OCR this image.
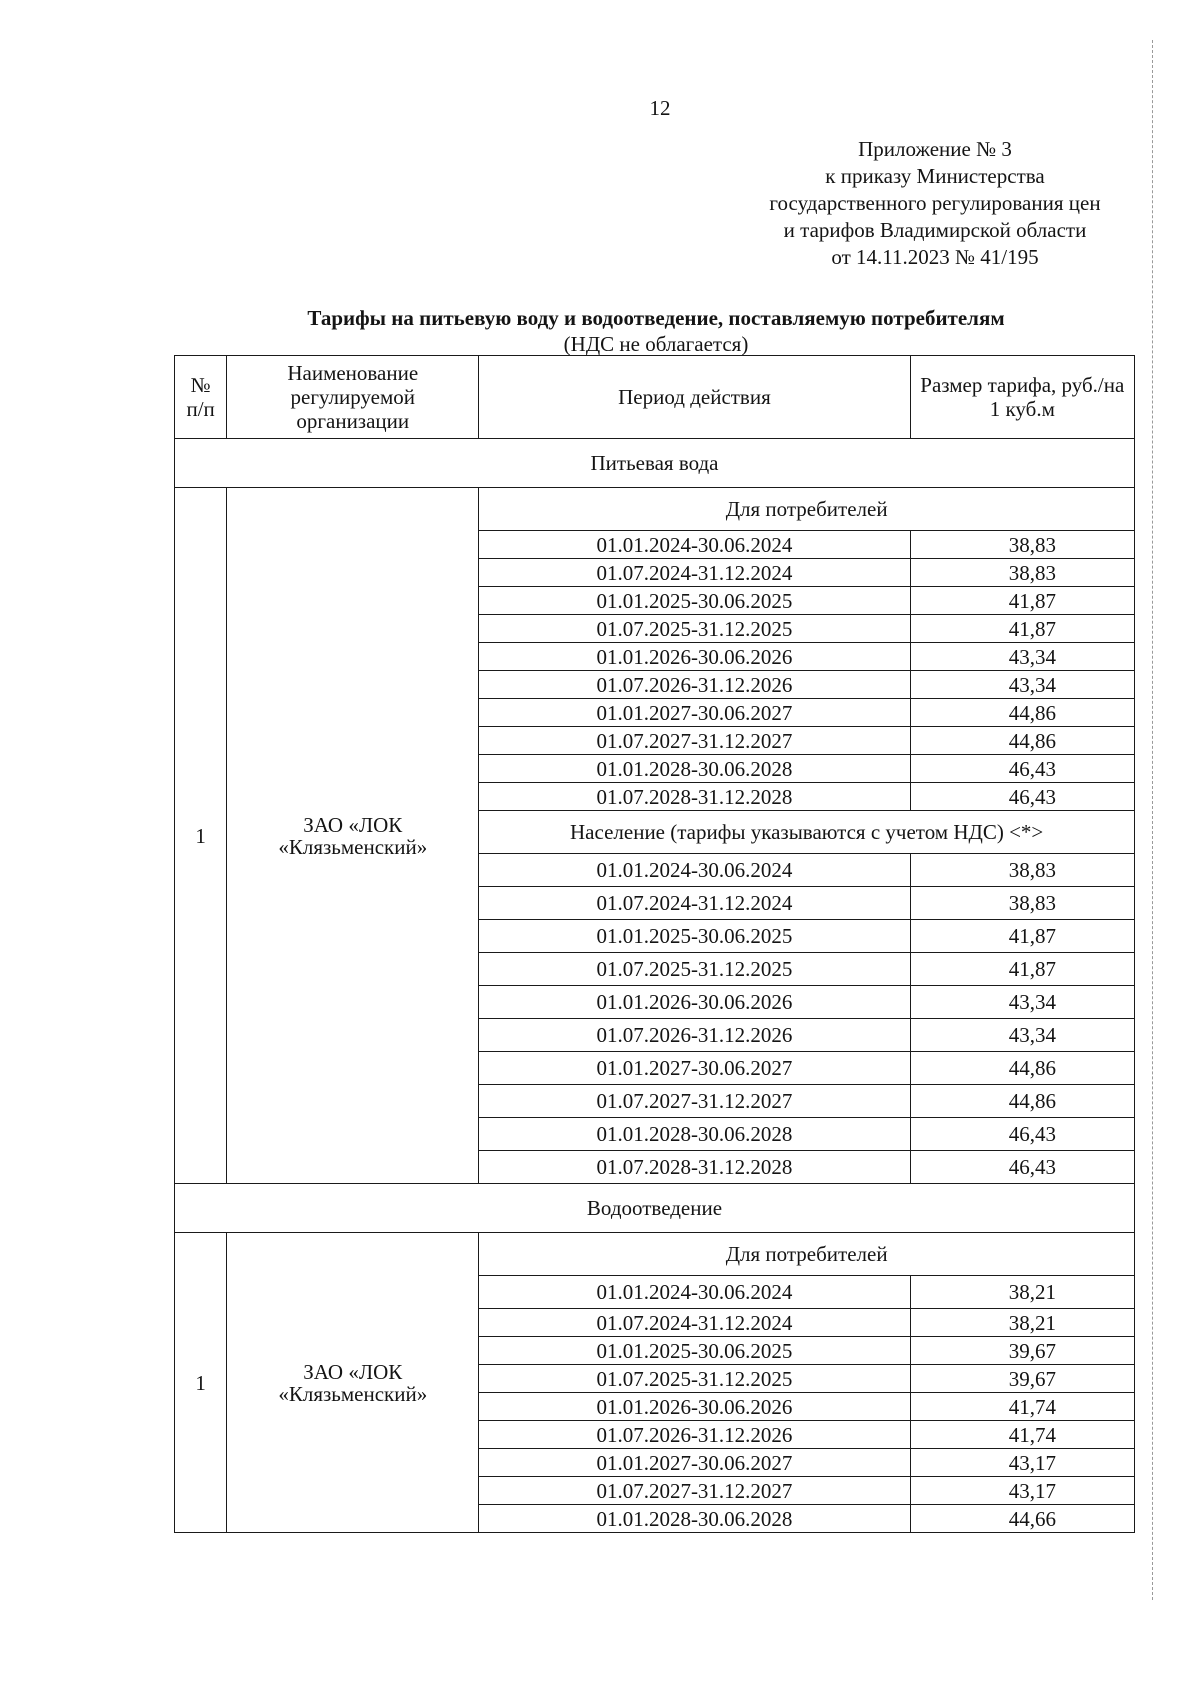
12
Приложение № 3
к приказу Министерства
государственного регулирования цен
и тарифов Владимирской области
от 14.11.2023 № 41/195
Тарифы на питьевую воду и водоотведение, поставляемую потребителям
(НДС не облагается)
№ п/п	Наименование регулируемой организации	Период действия	Размер тарифа, руб./на 1 куб.м
Питьевая вода			
1	ЗАО «ЛОК «Клязьменский»	Для потребителей	
		01.01.2024-30.06.2024	38,83
		01.07.2024-31.12.2024	38,83
		01.01.2025-30.06.2025	41,87
		01.07.2025-31.12.2025	41,87
		01.01.2026-30.06.2026	43,34
		01.07.2026-31.12.2026	43,34
		01.01.2027-30.06.2027	44,86
		01.07.2027-31.12.2027	44,86
		01.01.2028-30.06.2028	46,43
		01.07.2028-31.12.2028	46,43
		Население (тарифы указываются с учетом НДС) <*>	
		01.01.2024-30.06.2024	38,83
		01.07.2024-31.12.2024	38,83
		01.01.2025-30.06.2025	41,87
		01.07.2025-31.12.2025	41,87
		01.01.2026-30.06.2026	43,34
		01.07.2026-31.12.2026	43,34
		01.01.2027-30.06.2027	44,86
		01.07.2027-31.12.2027	44,86
		01.01.2028-30.06.2028	46,43
		01.07.2028-31.12.2028	46,43
Водоотведение			
1	ЗАО «ЛОК «Клязьменский»	Для потребителей	
		01.01.2024-30.06.2024	38,21
		01.07.2024-31.12.2024	38,21
		01.01.2025-30.06.2025	39,67
		01.07.2025-31.12.2025	39,67
		01.01.2026-30.06.2026	41,74
		01.07.2026-31.12.2026	41,74
		01.01.2027-30.06.2027	43,17
		01.07.2027-31.12.2027	43,17
		01.01.2028-30.06.2028	44,66
